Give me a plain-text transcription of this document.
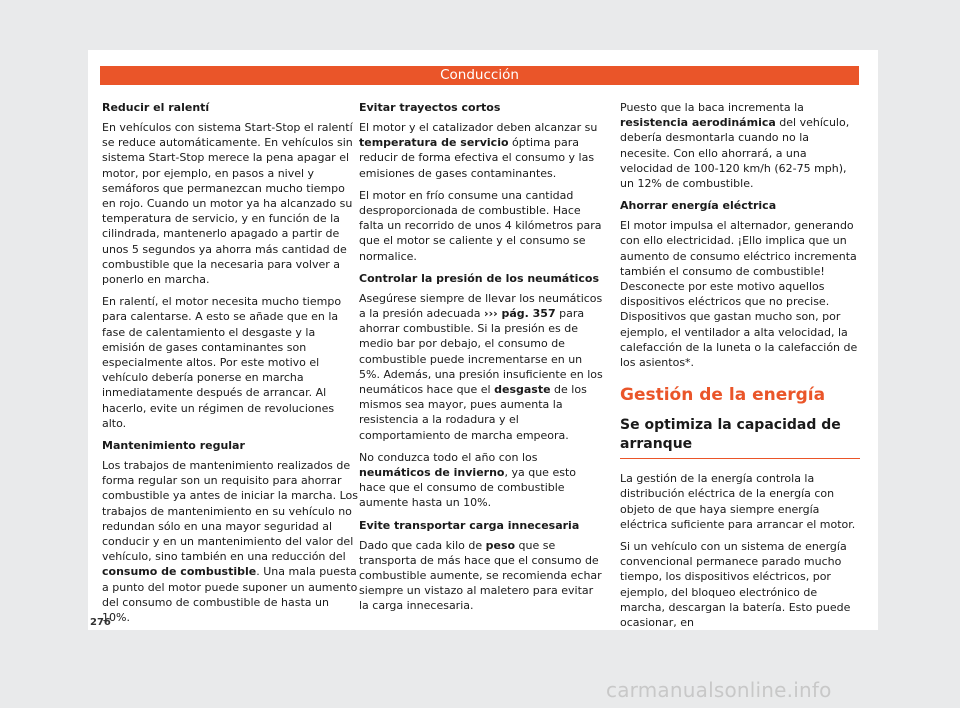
Conducción
Reducir el ralentí

En vehículos con sistema Start-Stop el ralentí se reduce automáticamente. En vehículos sin sistema Start-Stop merece la pena apagar el motor, por ejemplo, en pasos a nivel y semáforos que permanezcan mucho tiempo en rojo. Cuando un motor ya ha alcanzado su temperatura de servicio, y en función de la cilindrada, mantenerlo apagado a partir de unos 5 segundos ya ahorra más cantidad de combustible que la necesaria para volver a ponerlo en marcha.

En ralentí, el motor necesita mucho tiempo para calentarse. A esto se añade que en la fase de calentamiento el desgaste y la emisión de gases contaminantes son especialmente altos. Por este motivo el vehículo debería ponerse en marcha inmediatamente después de arrancar. Al hacerlo, evite un régimen de revoluciones alto.

Mantenimiento regular

Los trabajos de mantenimiento realizados de forma regular son un requisito para ahorrar combustible ya antes de iniciar la marcha. Los trabajos de mantenimiento en su vehículo no redundan sólo en una mayor seguridad al conducir y en un mantenimiento del valor del vehículo, sino también en una reducción del consumo de combustible. Una mala puesta a punto del motor puede suponer un aumento del consumo de combustible de hasta un 10%.

Evitar trayectos cortos

El motor y el catalizador deben alcanzar su temperatura de servicio óptima para reducir de forma efectiva el consumo y las emisiones de gases contaminantes.

El motor en frío consume una cantidad desproporcionada de combustible. Hace falta un recorrido de unos 4 kilómetros para que el motor se caliente y el consumo se normalice.

Controlar la presión de los neumáticos

Asegúrese siempre de llevar los neumáticos a la presión adecuada ››› pág. 357 para ahorrar combustible. Si la presión es de medio bar por debajo, el consumo de combustible puede incrementarse en un 5%. Además, una presión insuficiente en los neumáticos hace que el desgaste de los mismos sea mayor, pues aumenta la resistencia a la rodadura y el comportamiento de marcha empeora.

No conduzca todo el año con los neumáticos de invierno, ya que esto hace que el consumo de combustible aumente hasta un 10%.

Evite transportar carga innecesaria

Dado que cada kilo de peso que se transporta de más hace que el consumo de combustible aumente, se recomienda echar siempre un vistazo al maletero para evitar la carga innecesaria.

Puesto que la baca incrementa la resistencia aerodinámica del vehículo, debería desmontarla cuando no la necesite. Con ello ahorrará, a una velocidad de 100-120 km/h (62-75 mph), un 12% de combustible.

Ahorrar energía eléctrica

El motor impulsa el alternador, generando con ello electricidad. ¡Ello implica que un aumento de consumo eléctrico incrementa también el consumo de combustible! Desconecte por este motivo aquellos dispositivos eléctricos que no precise. Dispositivos que gastan mucho son, por ejemplo, el ventilador a alta velocidad, la calefacción de la luneta o la calefacción de los asientos*.

Gestión de la energía
Se optimiza la capacidad de arranque

La gestión de la energía controla la distribución eléctrica de la energía con objeto de que haya siempre energía eléctrica suficiente para arrancar el motor.

Si un vehículo con un sistema de energía convencional permanece parado mucho tiempo, los dispositivos eléctricos, por ejemplo, del bloqueo electrónico de marcha, descargan la batería. Esto puede ocasionar, en

276
carmanualsonline.info
